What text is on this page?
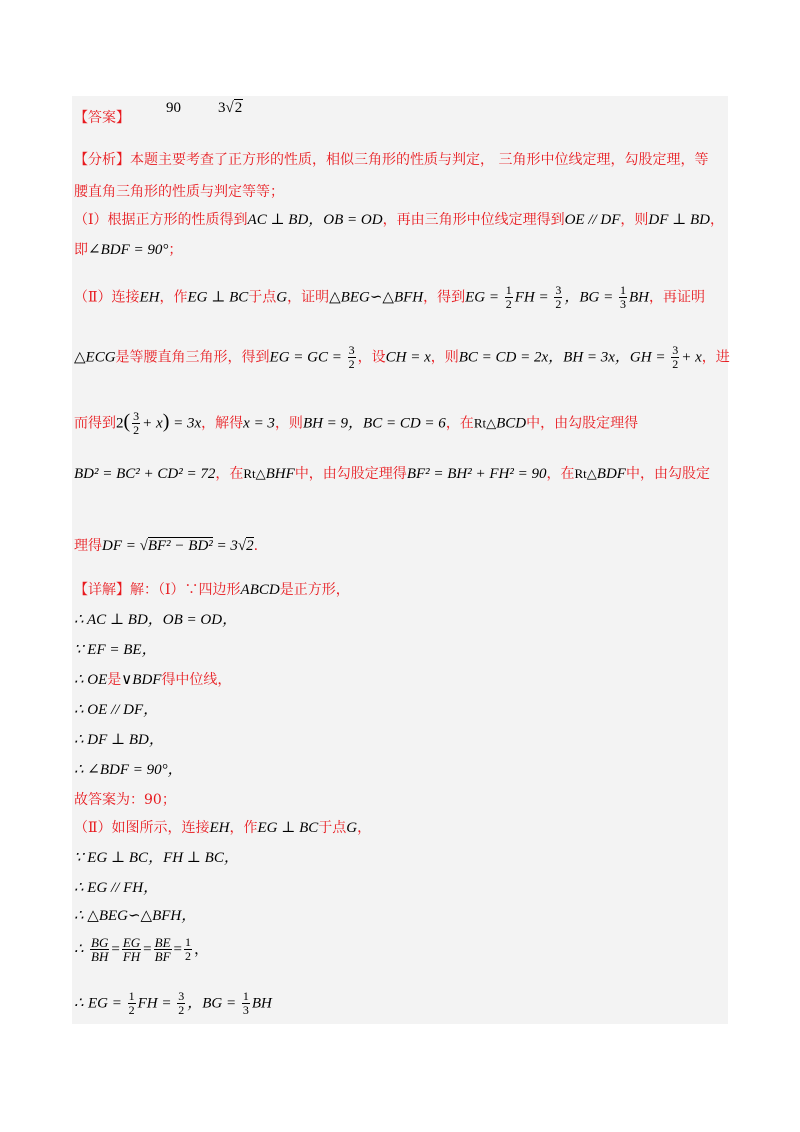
【答案】
90 3√2
【分析】本题主要考查了正方形的性质，相似三角形的性质与判定， 三角形中位线定理，勾股定理，等
腰直角三角形的性质与判定等等；
（Ⅰ）根据正方形的性质得到AC ⊥ BD，OB = OD，再由三角形中位线定理得到OE // DF，则DF ⊥ BD，
即∠BDF = 90°；
（Ⅱ）连接EH，作EG ⊥ BC于点G，证明△BEG∽△BFH，得到EG = $\frac{1}{2}$ FH = $\frac{3}{2}$ ，BG = $\frac{1}{3}$ BH，再证明
△ECG是等腰直角三角形，得到EG = GC = $\frac{3}{2}$ ，设CH = x，则BC = CD = 2x，BH = 3x，GH = $\frac{3}{2} + x$，进
而得到$2( \frac{3}{2} + x) = 3x$，解得x = 3，则BH = 9，BC = CD = 6，在Rt△BCD中，由勾股定理得
BD² = BC² + CD² = 72，在Rt△BHF中，由勾股定理得BF² = BH² + FH² = 90，在Rt△BDF中，由勾股定
理得DF = √BF² − BD² = 3√2.
【详解】解：（Ⅰ）∵四边形ABCD是正方形，
∴ AC ⊥ BD，OB = OD，
∵ EF = BE，
∴ OE是∨BDF得中位线，
∴ OE // DF，
∴ DF ⊥ BD，
∴ ∠BDF = 90°，
故答案为：90；
（Ⅱ）如图所示，连接EH，作EG ⊥ BC于点G，
∵ EG ⊥ BC，FH ⊥ BC，
∴ EG // FH，
∴ △BEG∽△BFH，
∴ $\frac{BG}{BH} = \frac{EG}{FH} = \frac{BE}{BF} = \frac{1}{2}$ ，
∴ EG = $\frac{1}{2}$ FH = $\frac{3}{2}$ ，BG = $\frac{1}{3}$ BH
